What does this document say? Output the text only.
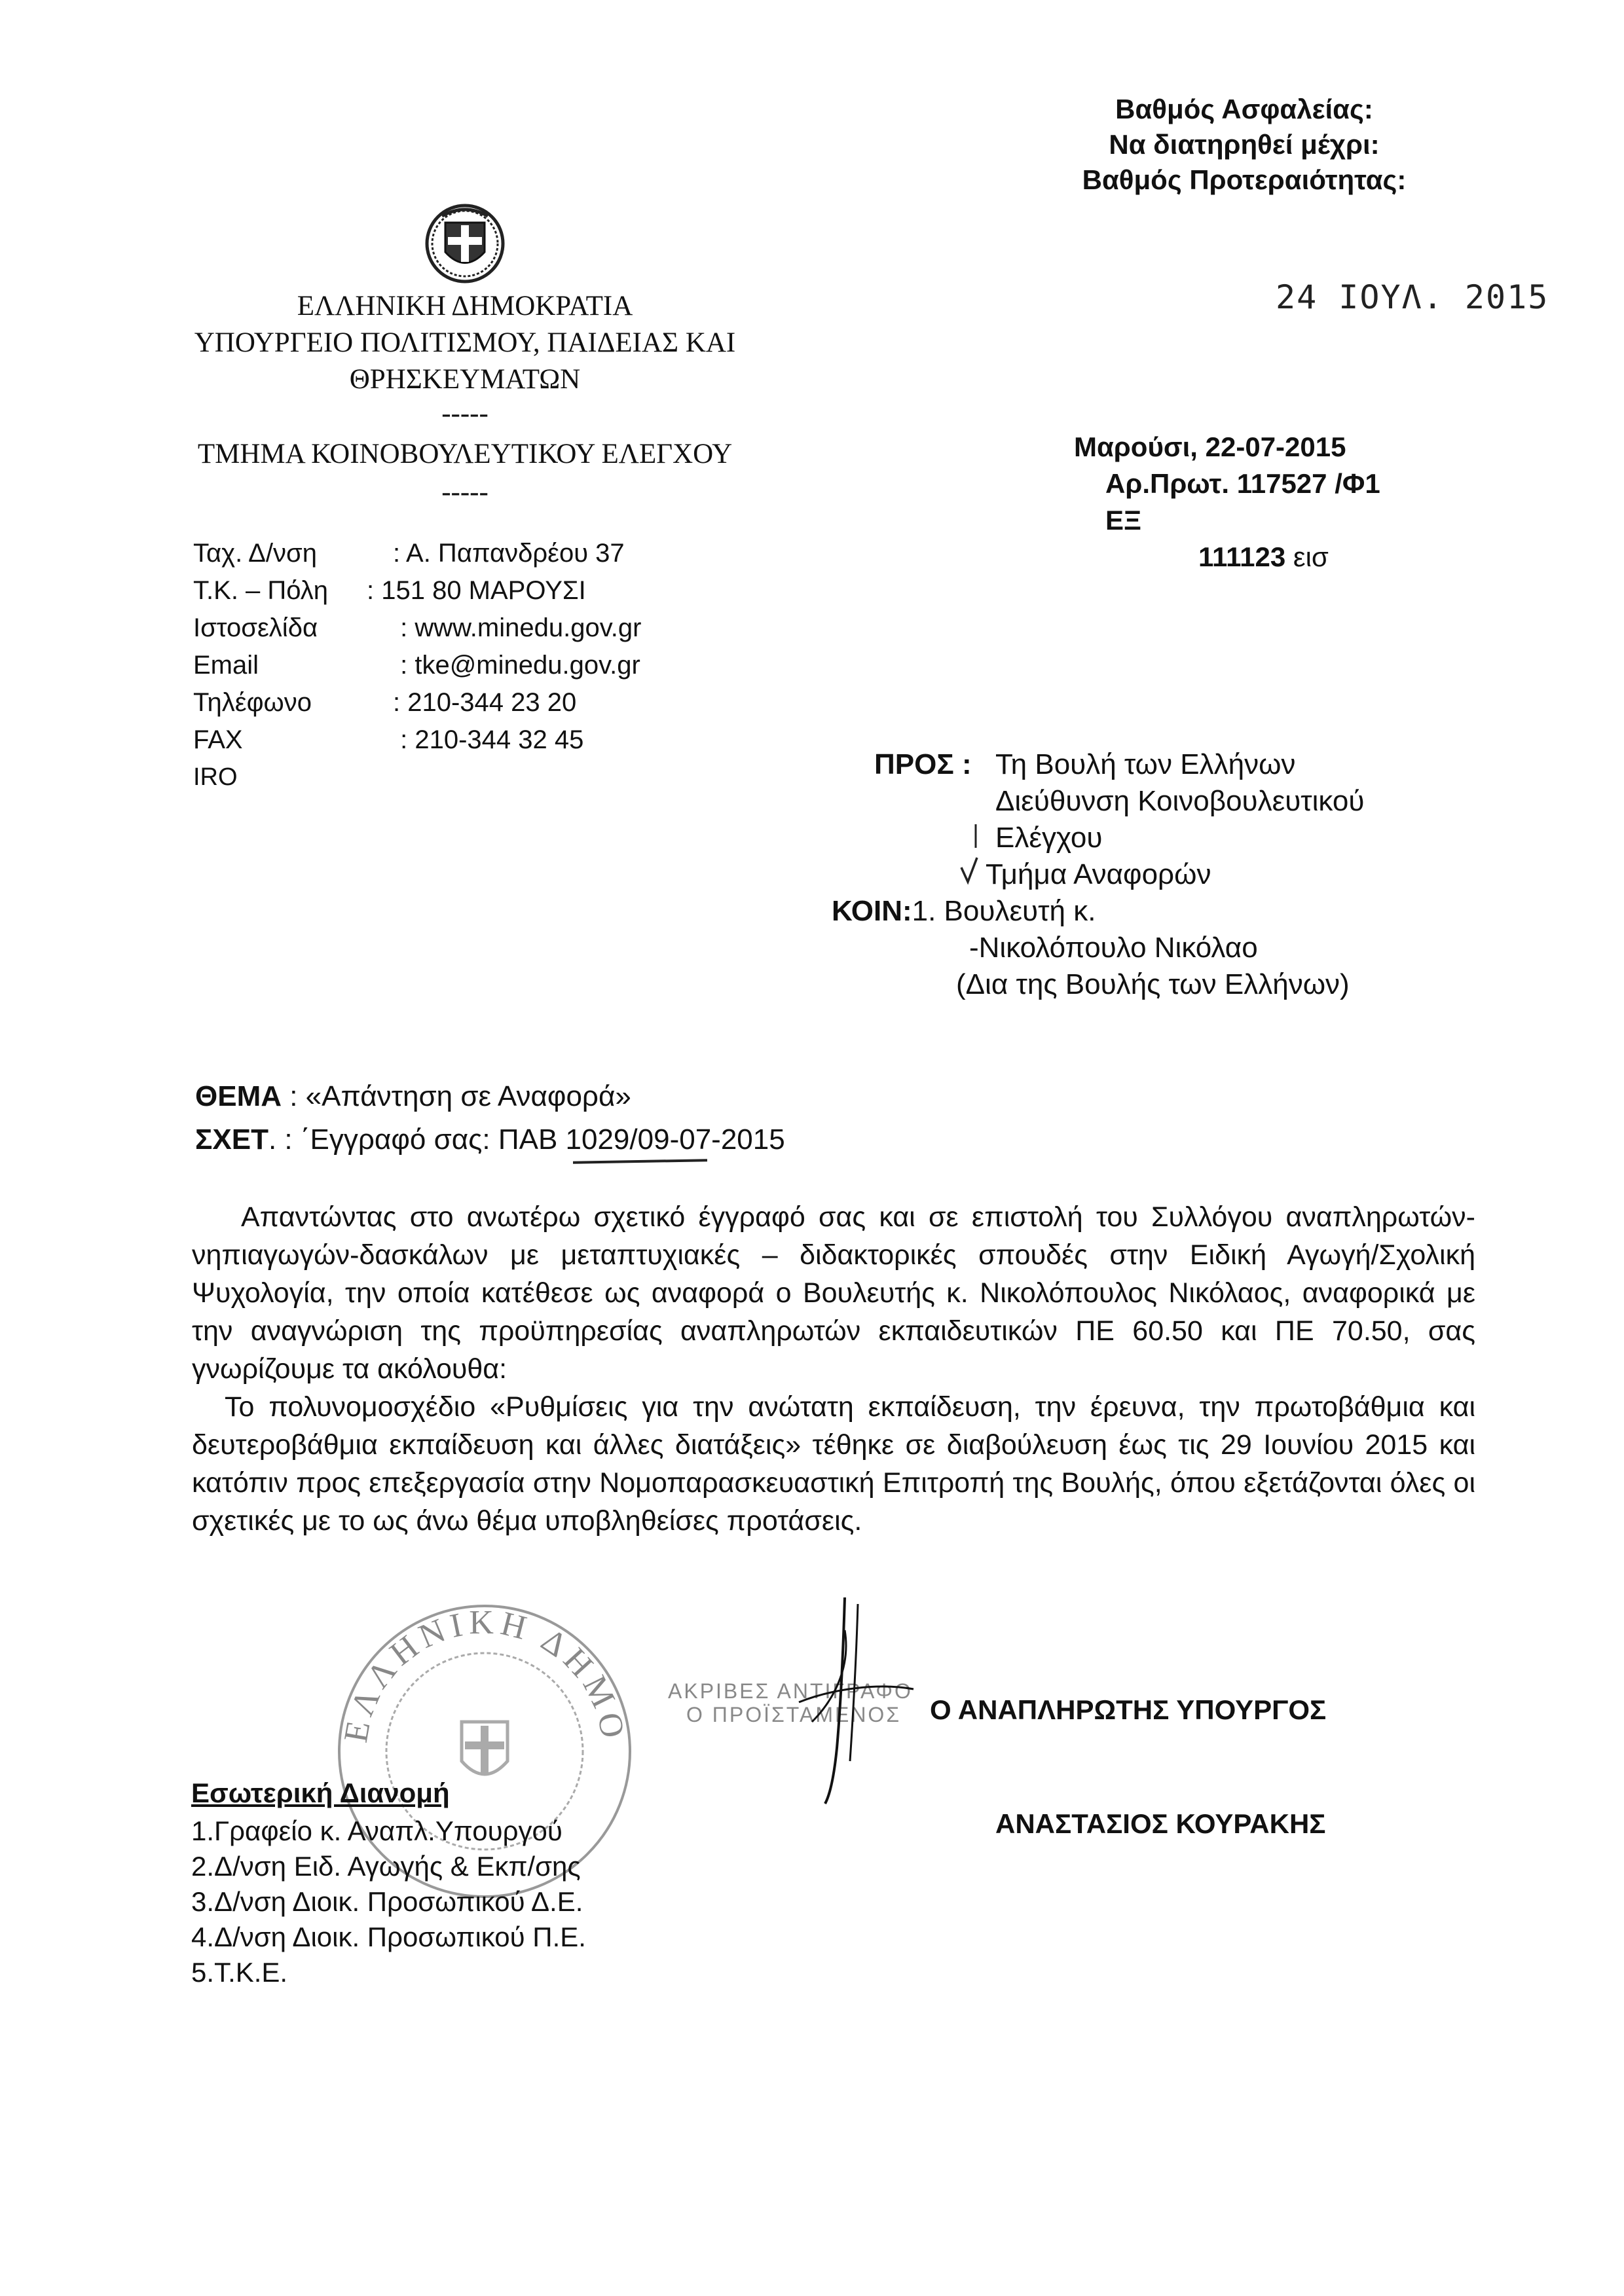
Βαθμός Ασφαλείας:
Να διατηρηθεί μέχρι:
Βαθμός Προτεραιότητας:
ΕΛΛΗΝΙΚΗ ΔΗΜΟΚΡΑΤΙΑ
ΥΠΟΥΡΓΕΙΟ ΠΟΛΙΤΙΣΜΟΥ, ΠΑΙΔΕΙΑΣ ΚΑΙ
ΘΡΗΣΚΕΥΜΑΤΩΝ
-----
ΤΜΗΜΑ ΚΟΙΝΟΒΟΥΛΕΥΤΙΚΟΥ ΕΛΕΓΧΟΥ
-----
24 ΙΟΥΛ. 2015
Μαρούσι, 22-07-2015
Αρ.Πρωτ. 117527 /Φ1 ΕΞ
111123 εισ
Ταχ. Δ/νση	: Α. Παπανδρέου 37
Τ.Κ. – Πόλη : 151 80 ΜΑΡΟΥΣΙ
Ιστοσελίδα	: www.minedu.gov.gr
Email	: tke@minedu.gov.gr
Τηλέφωνο	: 210-344 23 20
FAX	: 210-344 32 45
IRO	ΠΡΟΣ : Τη Βουλή των Ελλήνων
Διεύθυνση Κοινοβουλευτικού
Ελέγχου
Τμήμα Αναφορών
ΚΟΙΝ:1. Βουλευτή κ.
-Νικολόπουλο Νικόλαο
(Δια της Βουλής των Ελλήνων)
ΘΕΜΑ : «Απάντηση σε Αναφορά»
ΣΧΕΤ. : ΄Εγγραφό σας: ΠΑΒ 1029/09-07-2015

Απαντώντας στο ανωτέρω σχετικό έγγραφό σας και σε επιστολή του Συλλόγου αναπληρωτών-νηπιαγωγών-δασκάλων με μεταπτυχιακές – διδακτορικές σπουδές στην Ειδική Αγωγή/Σχολική Ψυχολογία, την οποία κατέθεσε ως αναφορά ο Βουλευτής κ. Νικολόπουλος Νικόλαος, αναφορικά με την αναγνώριση της προϋπηρεσίας αναπληρωτών εκπαιδευτικών ΠΕ 60.50 και ΠΕ 70.50, σας γνωρίζουμε τα ακόλουθα:

Το πολυνομοσχέδιο «Ρυθμίσεις για την ανώτατη εκπαίδευση, την έρευνα, την πρωτοβάθμια και δευτεροβάθμια εκπαίδευση και άλλες διατάξεις» τέθηκε σε διαβούλευση έως τις 29 Ιουνίου 2015 και κατόπιν προς επεξεργασία στην Νομοπαρασκευαστική Επιτροπή της Βουλής, όπου εξετάζονται όλες οι σχετικές με το ως άνω θέμα υποβληθείσες προτάσεις.

ΕΛΛΗΝΙΚΗ ΔΗΜΟ
ΑΚΡΙΒΕΣ ΑΝΤΙΓΡΑΦΟ
Ο ΠΡΟΪΣΤΑΜΕΝΟΣ	Ο ΑΝΑΠΛΗΡΩΤΗΣ ΥΠΟΥΡΓΟΣ
ΑΝΑΣΤΑΣΙΟΣ ΚΟΥΡΑΚΗΣ
Εσωτερική Διανομή
1.Γραφείο κ. Αναπλ.Υπουργού
2.Δ/νση Ειδ. Αγωγής & Εκπ/σης
3.Δ/νση Διοικ. Προσωπικού Δ.Ε.
4.Δ/νση Διοικ. Προσωπικού Π.Ε.
5.Τ.Κ.Ε.
